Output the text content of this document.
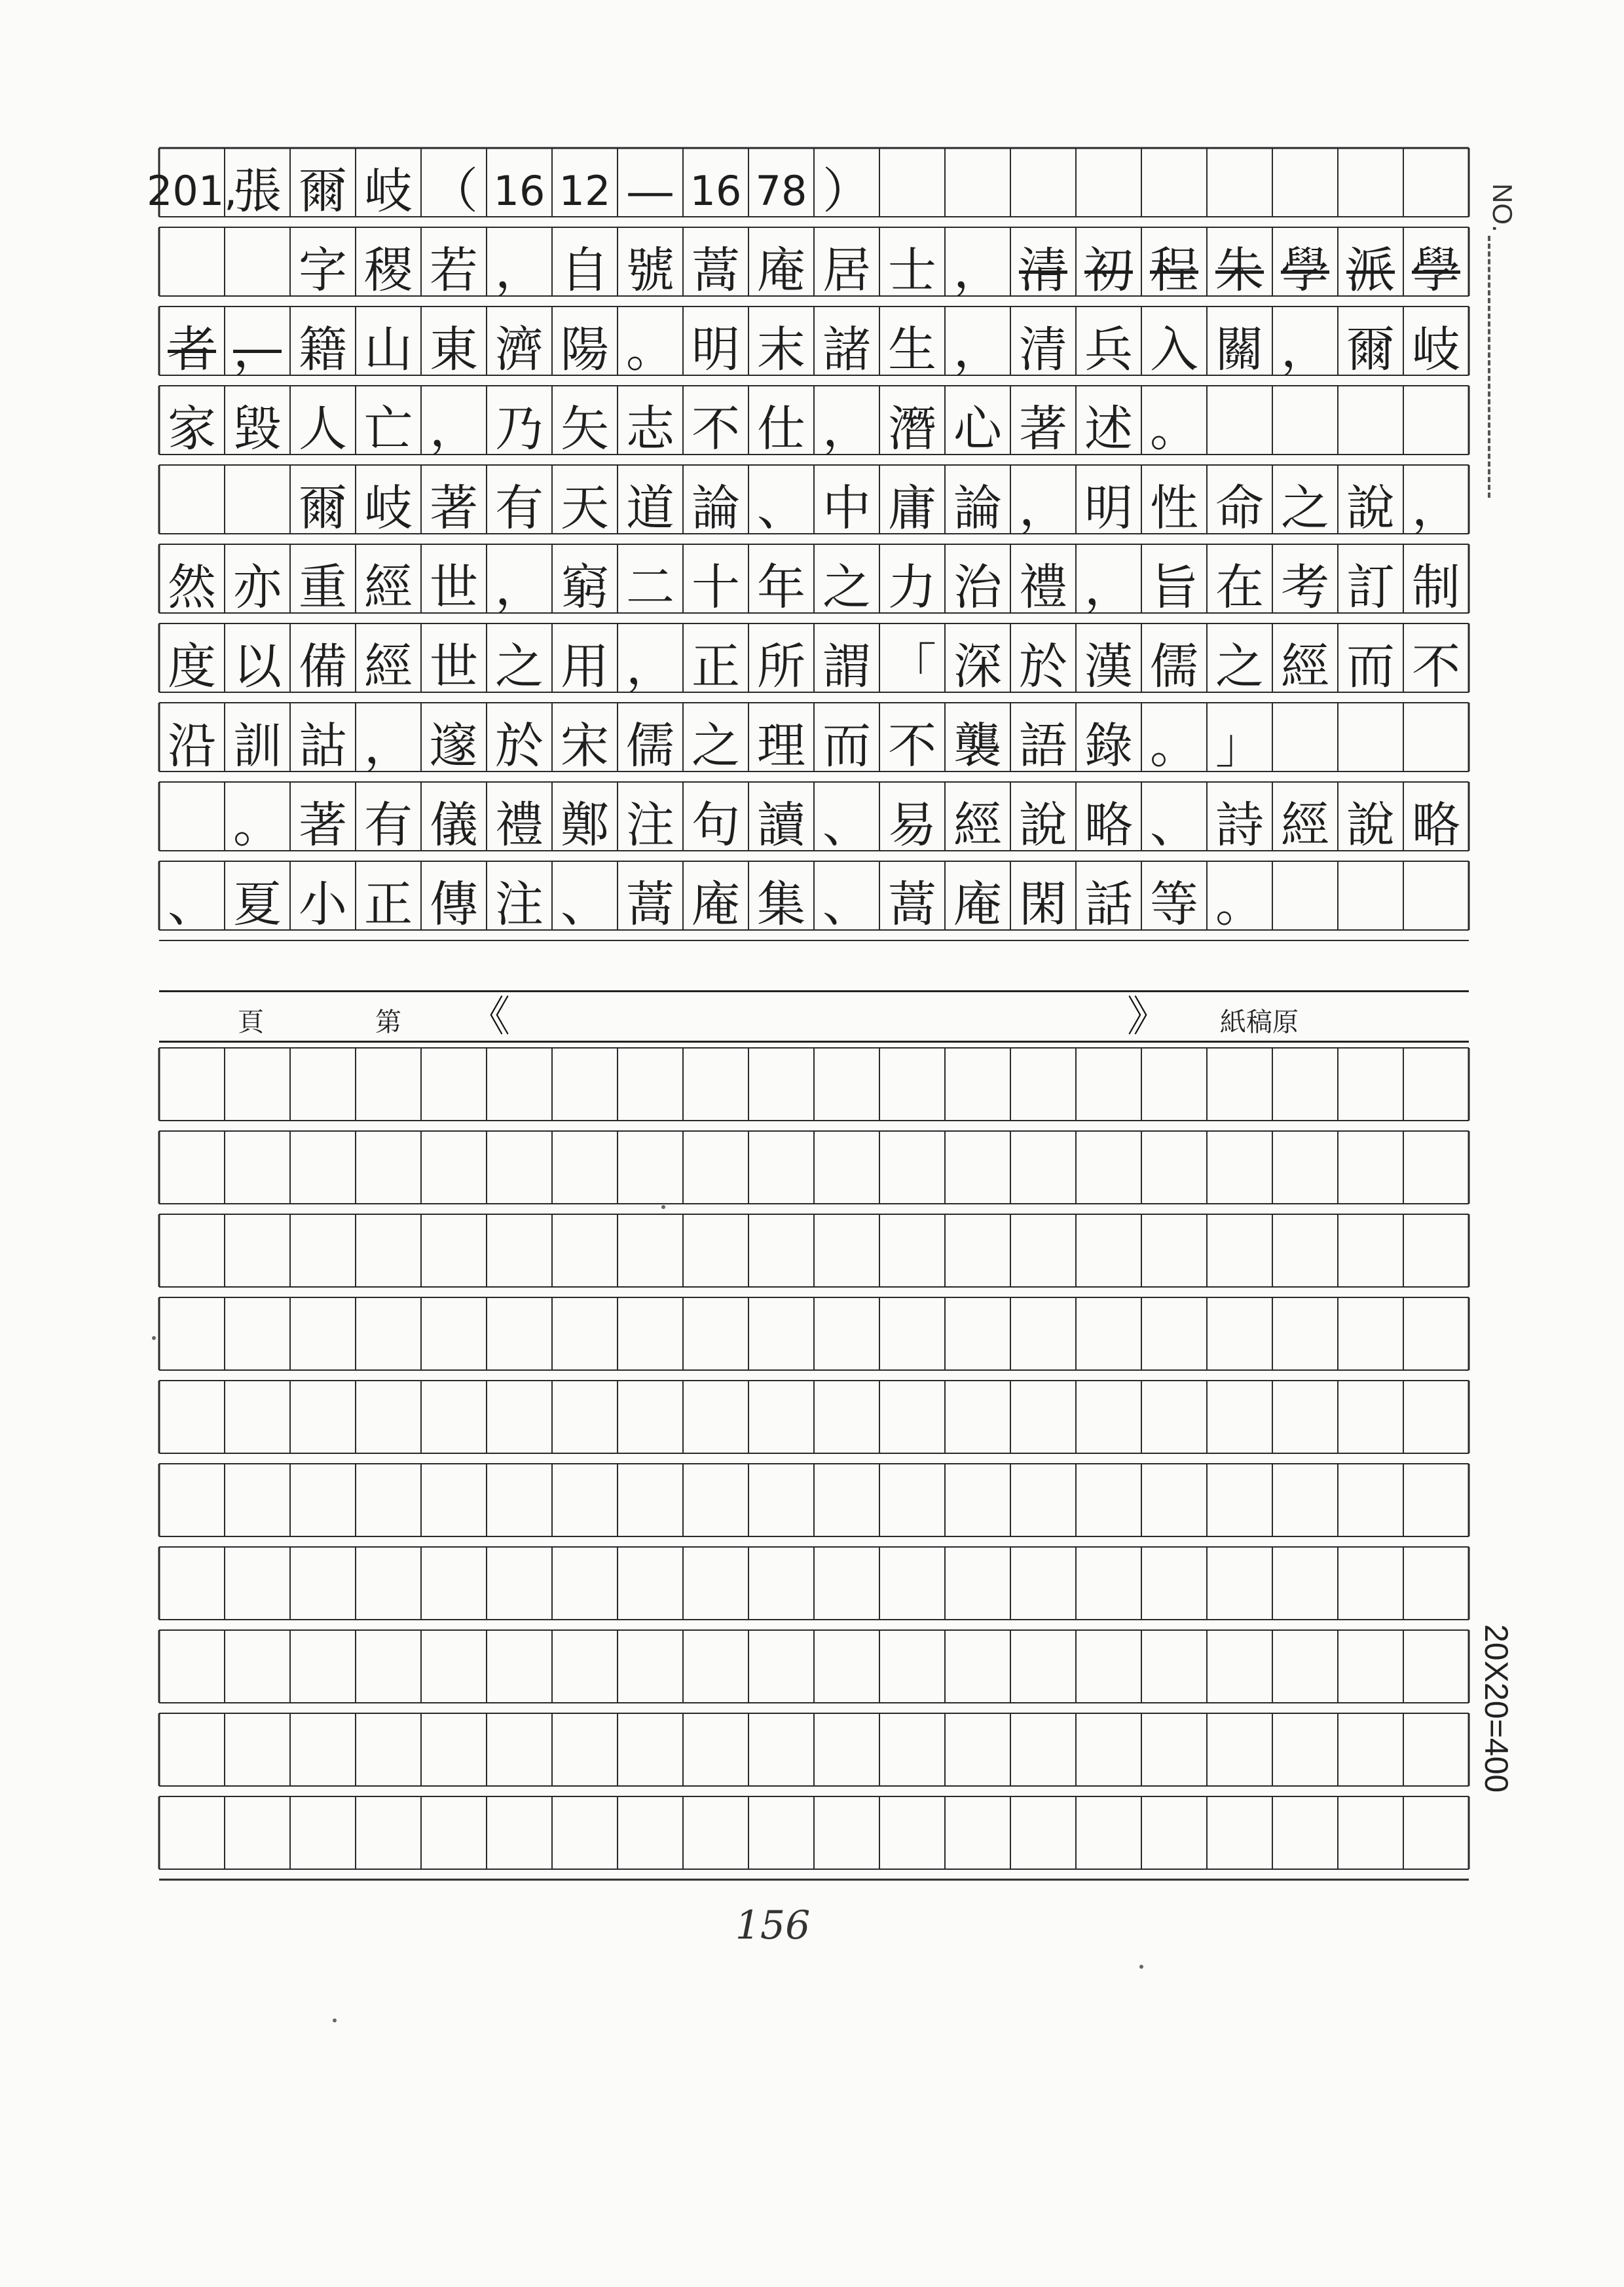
201,
張 爾 岐 （ 16 12 — 16 78 ）
字 稷 若 ， 自 號 蒿 庵 居 士 ， 清 初 程 朱 學 派 學
者 ， 籍 山 東 濟 陽 。 明 末 諸 生 ， 清 兵 入 關 ， 爾 岐
家 毀 人 亡 ， 乃 矢 志 不 仕 ， 潛 心 著 述 。
爾 岐 著 有 天 道 論 、 中 庸 論 ， 明 性 命 之 說 ，
然 亦 重 經 世 ， 窮 二 十 年 之 力 治 禮 ， 旨 在 考 訂 制
度 以 備 經 世 之 用 ， 正 所 謂 「 深 於 漢 儒 之 經 而 不
沿 訓 詁 ， 邃 於 宋 儒 之 理 而 不 襲 語 錄 。 」
。 著 有 儀 禮 鄭 注 句 讀 、 易 經 說 略 、 詩 經 說 略
、 夏 小 正 傳 注 、 蒿 庵 集 、 蒿 庵 閑 話 等 。
頁	第 《	》 紙稿原
NO.
20X20=400
156
